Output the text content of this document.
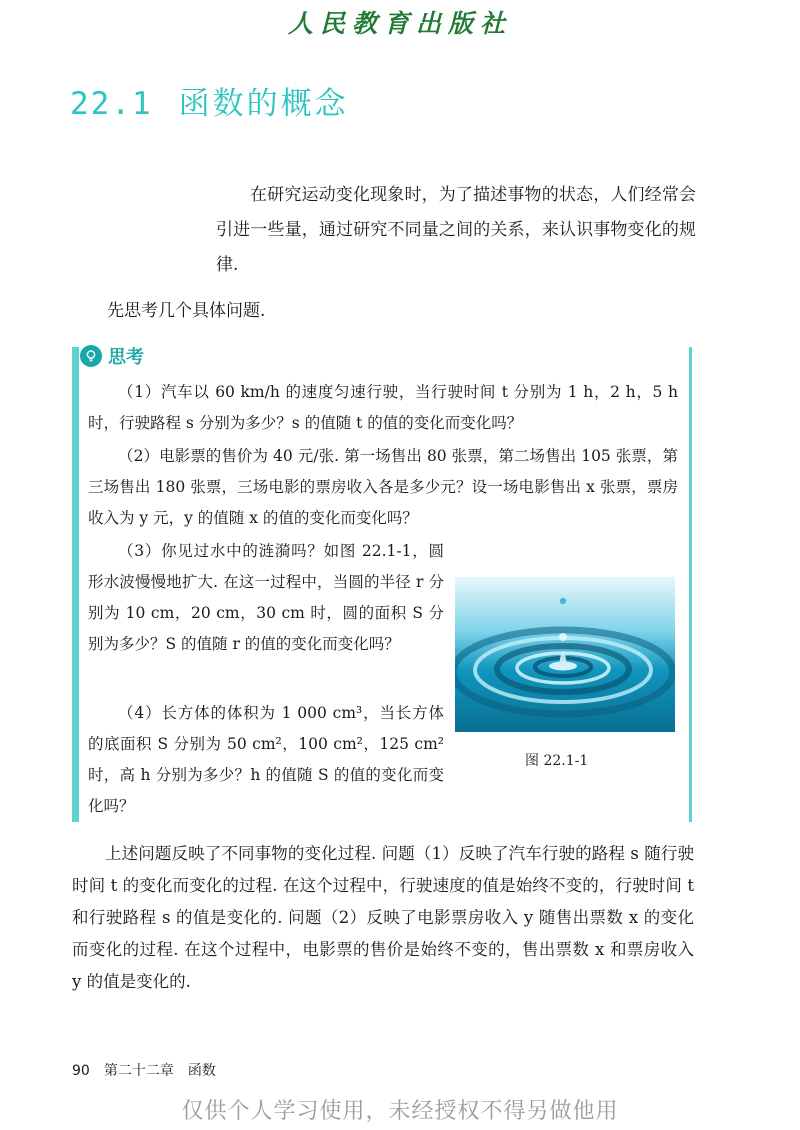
人民教育出版社
22.1 函数的概念

在研究运动变化现象时，为了描述事物的状态，人们经常会引进一些量，通过研究不同量之间的关系，来认识事物变化的规律.

先思考几个具体问题.

思考

（1）汽车以 60 km/h 的速度匀速行驶，当行驶时间 t 分别为 1 h，2 h，5 h 时，行驶路程 s 分别为多少？s 的值随 t 的值的变化而变化吗？

（2）电影票的售价为 40 元/张. 第一场售出 80 张票，第二场售出 105 张票，第三场售出 180 张票，三场电影的票房收入各是多少元？设一场电影售出 x 张票，票房收入为 y 元，y 的值随 x 的值的变化而变化吗？

（3）你见过水中的涟漪吗？如图 22.1-1，圆形水波慢慢地扩大. 在这一过程中，当圆的半径 r 分别为 10 cm，20 cm，30 cm 时，圆的面积 S 分别为多少？S 的值随 r 的值的变化而变化吗？

（4）长方体的体积为 1 000 cm³，当长方体的底面积 S 分别为 50 cm²，100 cm²，125 cm² 时，高 h 分别为多少？h 的值随 S 的值的变化而变化吗？

图 22.1-1

上述问题反映了不同事物的变化过程. 问题（1）反映了汽车行驶的路程 s 随行驶时间 t 的变化而变化的过程. 在这个过程中，行驶速度的值是始终不变的，行驶时间 t 和行驶路程 s 的值是变化的. 问题（2）反映了电影票房收入 y 随售出票数 x 的变化而变化的过程. 在这个过程中，电影票的售价是始终不变的，售出票数 x 和票房收入 y 的值是变化的.

90 第二十二章 函数
仅供个人学习使用，未经授权不得另做他用
